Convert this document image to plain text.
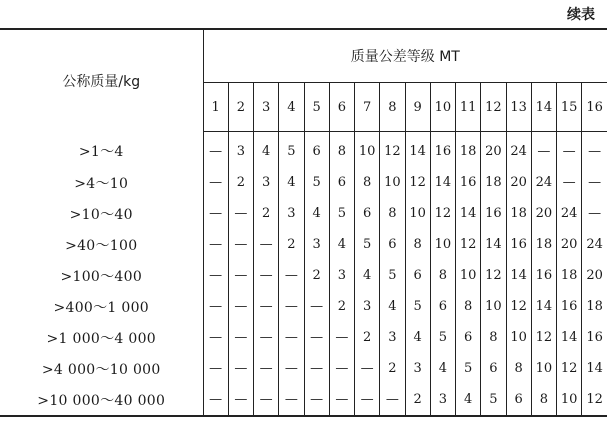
续表
公称质量/kg	质量公差等级 MT															
	1	2	3	4	5	6	7	8	9	10	11	12	13	14	15	16
>1～4	—	3	4	5	6	8	10	12	14	16	18	20	24	—	—	—
>4～10	—	2	3	4	5	6	8	10	12	14	16	18	20	24	—	—
>10～40	—	—	2	3	4	5	6	8	10	12	14	16	18	20	24	—
>40～100	—	—	—	2	3	4	5	6	8	10	12	14	16	18	20	24
>100～400	—	—	—	—	2	3	4	5	6	8	10	12	14	16	18	20
>400～1 000	—	—	—	—	—	2	3	4	5	6	8	10	12	14	16	18
>1 000～4 000	—	—	—	—	—	—	2	3	4	5	6	8	10	12	14	16
>4 000～10 000	—	—	—	—	—	—	—	2	3	4	5	6	8	10	12	14
>10 000～40 000	—	—	—	—	—	—	—	—	2	3	4	5	6	8	10	12
